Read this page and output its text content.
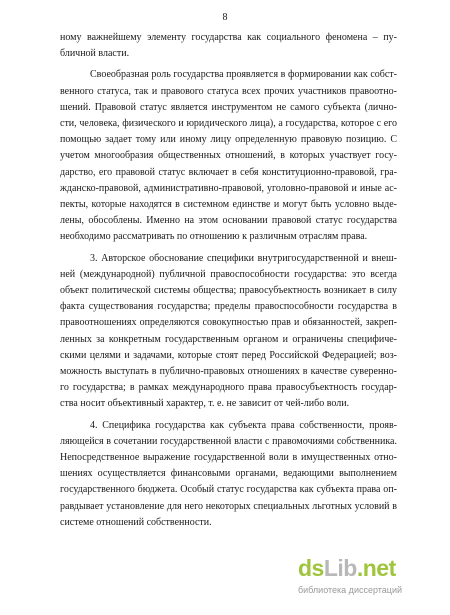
8
ному важнейшему элементу государства как социального феномена – пу-
бличной власти.
Своеобразная роль государства проявляется в формировании как собст-
венного статуса, так и правового статуса всех прочих участников правоотно-
шений. Правовой статус является инструментом не самого субъекта (лично-
сти, человека, физического и юридического лица), а государства, которое с его
помощью задает тому или иному лицу определенную правовую позицию. С
учетом многообразия общественных отношений, в которых участвует госу-
дарство, его правовой статус включает в себя конституционно-правовой, гра-
жданско-правовой, административно-правовой, уголовно-правовой и иные ас-
пекты, которые находятся в системном единстве и могут быть условно выде-
лены, обособлены. Именно на этом основании правовой статус государства
необходимо рассматривать по отношению к различным отраслям права.
3. Авторское обоснование специфики внутригосударственной и внеш-
ней (международной) публичной правоспособности государства: это всегда
объект политической системы общества; правосубъектность возникает в силу
факта существования государства; пределы правоспособности государства в
правоотношениях определяются совокупностью прав и обязанностей, закреп-
ленных за конкретным государственным органом и ограничены специфиче-
скими целями и задачами, которые стоят перед Российской Федерацией; воз-
можность выступать в публично-правовых отношениях в качестве суверенно-
го государства; в рамках международного права правосубъектность государ-
ства носит объективный характер, т. е. не зависит от чей-либо воли.
4. Специфика государства как субъекта права собственности, прояв-
ляющейся в сочетании государственной власти с правомочиями собственника.
Непосредственное выражение государственной воли в имущественных отно-
шениях осуществляется финансовыми органами, ведающими выполнением
государственного бюджета. Особый статус государства как субъекта права оп-
равдывает установление для него некоторых специальных льготных условий в
системе отношений собственности.
dsLib.net
библиотека диссертаций
